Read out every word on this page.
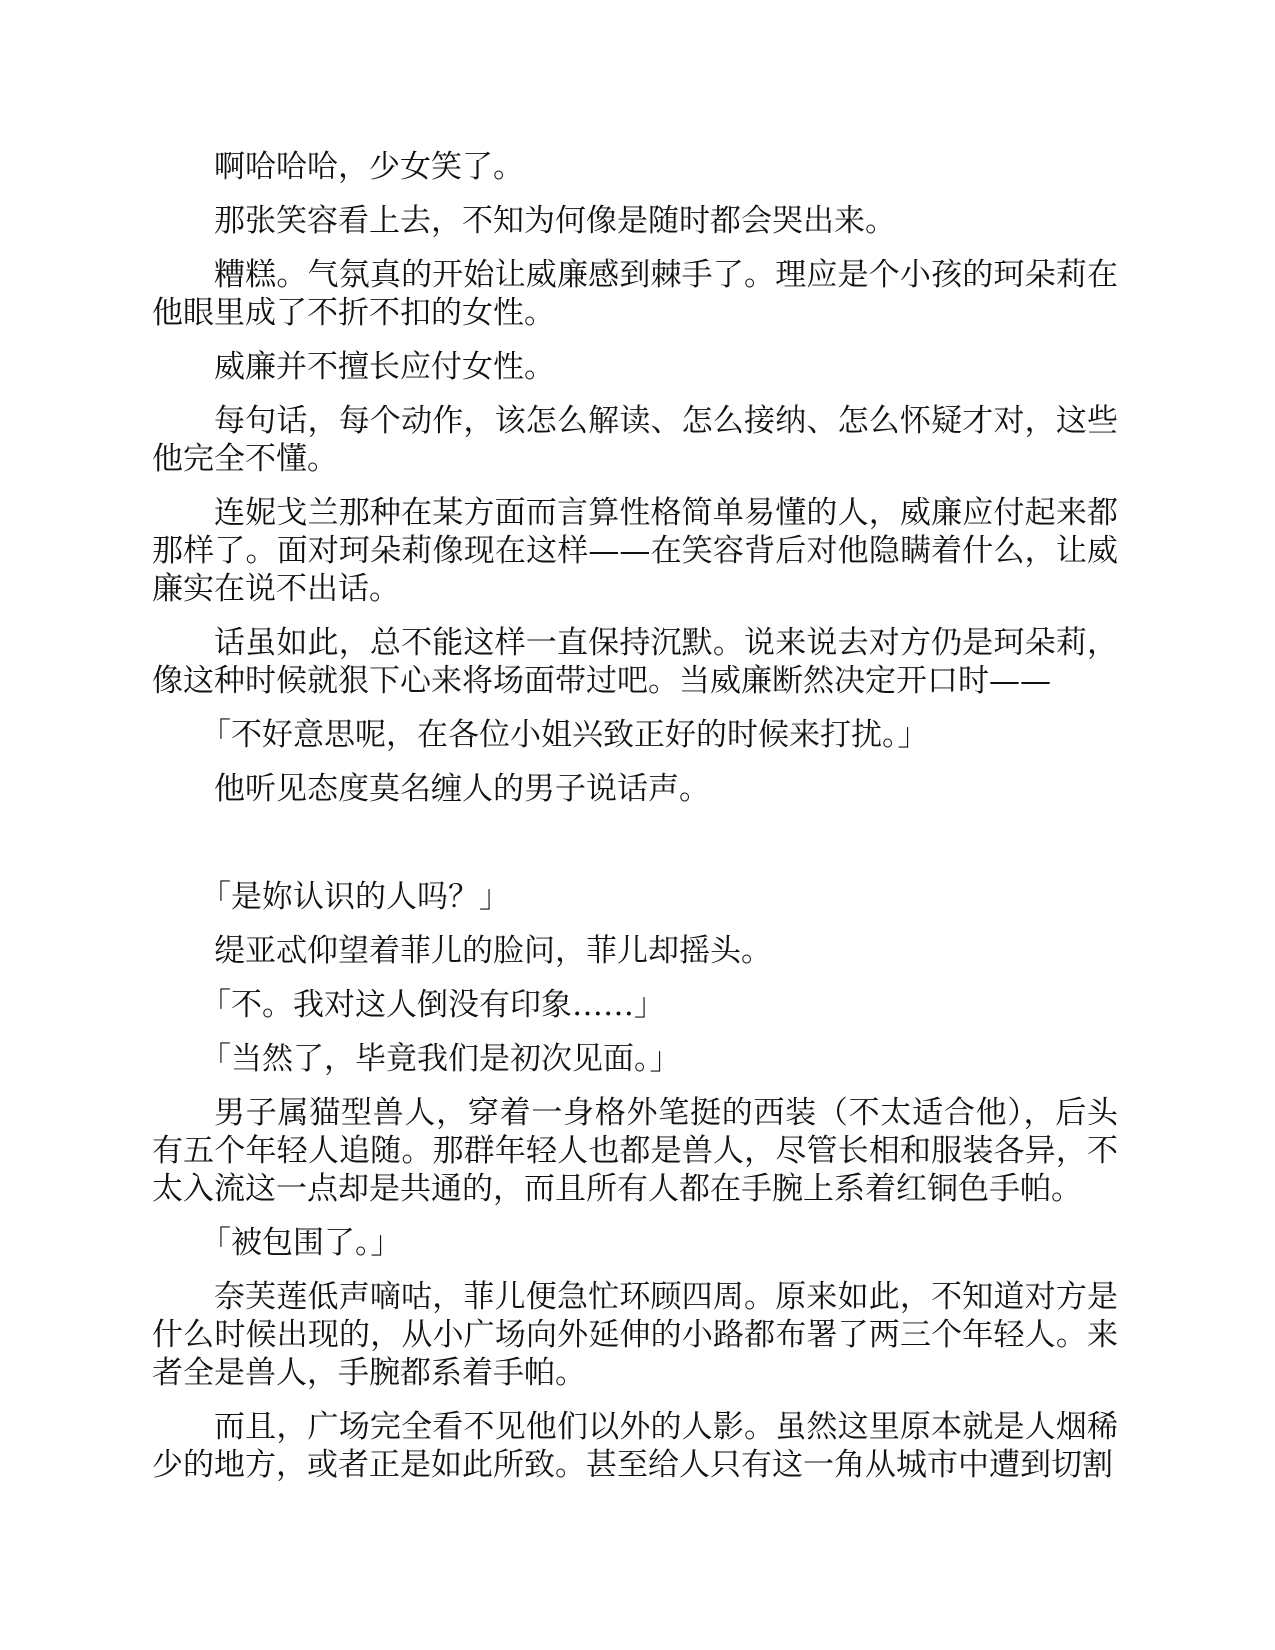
啊哈哈哈，少女笑了。

那张笑容看上去，不知为何像是随时都会哭出来。

糟糕。气氛真的开始让威廉感到棘手了。理应是个小孩的珂朵莉在他眼里成了不折不扣的女性。

威廉并不擅长应付女性。

每句话，每个动作，该怎么解读、怎么接纳、怎么怀疑才对，这些他完全不懂。

连妮戈兰那种在某方面而言算性格简单易懂的人，威廉应付起来都那样了。面对珂朵莉像现在这样——在笑容背后对他隐瞒着什么，让威廉实在说不出话。

话虽如此，总不能这样一直保持沉默。说来说去对方仍是珂朵莉，像这种时候就狠下心来将场面带过吧。当威廉断然决定开口时——

「不好意思呢，在各位小姐兴致正好的时候来打扰。」

他听见态度莫名缠人的男子说话声。

「是妳认识的人吗？」

缇亚忒仰望着菲儿的脸问，菲儿却摇头。

「不。我对这人倒没有印象……」

「当然了，毕竟我们是初次见面。」

男子属猫型兽人，穿着一身格外笔挺的西装（不太适合他），后头有五个年轻人追随。那群年轻人也都是兽人，尽管长相和服装各异，不太入流这一点却是共通的，而且所有人都在手腕上系着红铜色手帕。

「被包围了。」

奈芙莲低声嘀咕，菲儿便急忙环顾四周。原来如此，不知道对方是什么时候出现的，从小广场向外延伸的小路都布署了两三个年轻人。来者全是兽人，手腕都系着手帕。

而且，广场完全看不见他们以外的人影。虽然这里原本就是人烟稀少的地方，或者正是如此所致。甚至给人只有这一角从城市中遭到切割
